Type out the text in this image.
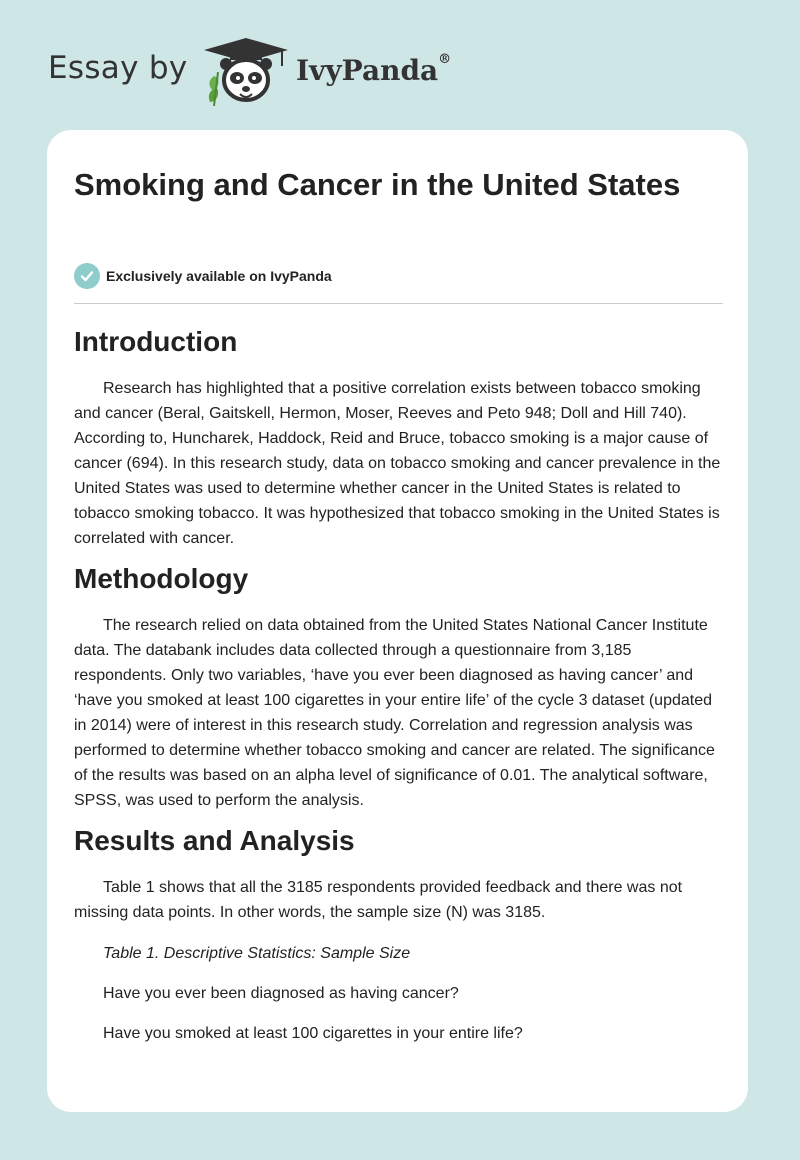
Essay by	IvyPanda®
Smoking and Cancer in the United States
Exclusively available on IvyPanda
Introduction

Research has highlighted that a positive correlation exists between tobacco smoking and cancer (Beral, Gaitskell, Hermon, Moser, Reeves and Peto 948; Doll and Hill 740). According to, Huncharek, Haddock, Reid and Bruce, tobacco smoking is a major cause of cancer (694). In this research study, data on tobacco smoking and cancer prevalence in the United States was used to determine whether cancer in the United States is related to tobacco smoking tobacco. It was hypothesized that tobacco smoking in the United States is correlated with cancer.

Methodology

The research relied on data obtained from the United States National Cancer Institute data. The databank includes data collected through a questionnaire from 3,185 respondents. Only two variables, ‘have you ever been diagnosed as having cancer’ and ‘have you smoked at least 100 cigarettes in your entire life’ of the cycle 3 dataset (updated in 2014) were of interest in this research study. Correlation and regression analysis was performed to determine whether tobacco smoking and cancer are related. The significance of the results was based on an alpha level of significance of 0.01. The analytical software, SPSS, was used to perform the analysis.

Results and Analysis

Table 1 shows that all the 3185 respondents provided feedback and there was not missing data points. In other words, the sample size (N) was 3185.

Table 1. Descriptive Statistics: Sample Size

Have you ever been diagnosed as having cancer?

Have you smoked at least 100 cigarettes in your entire life?
